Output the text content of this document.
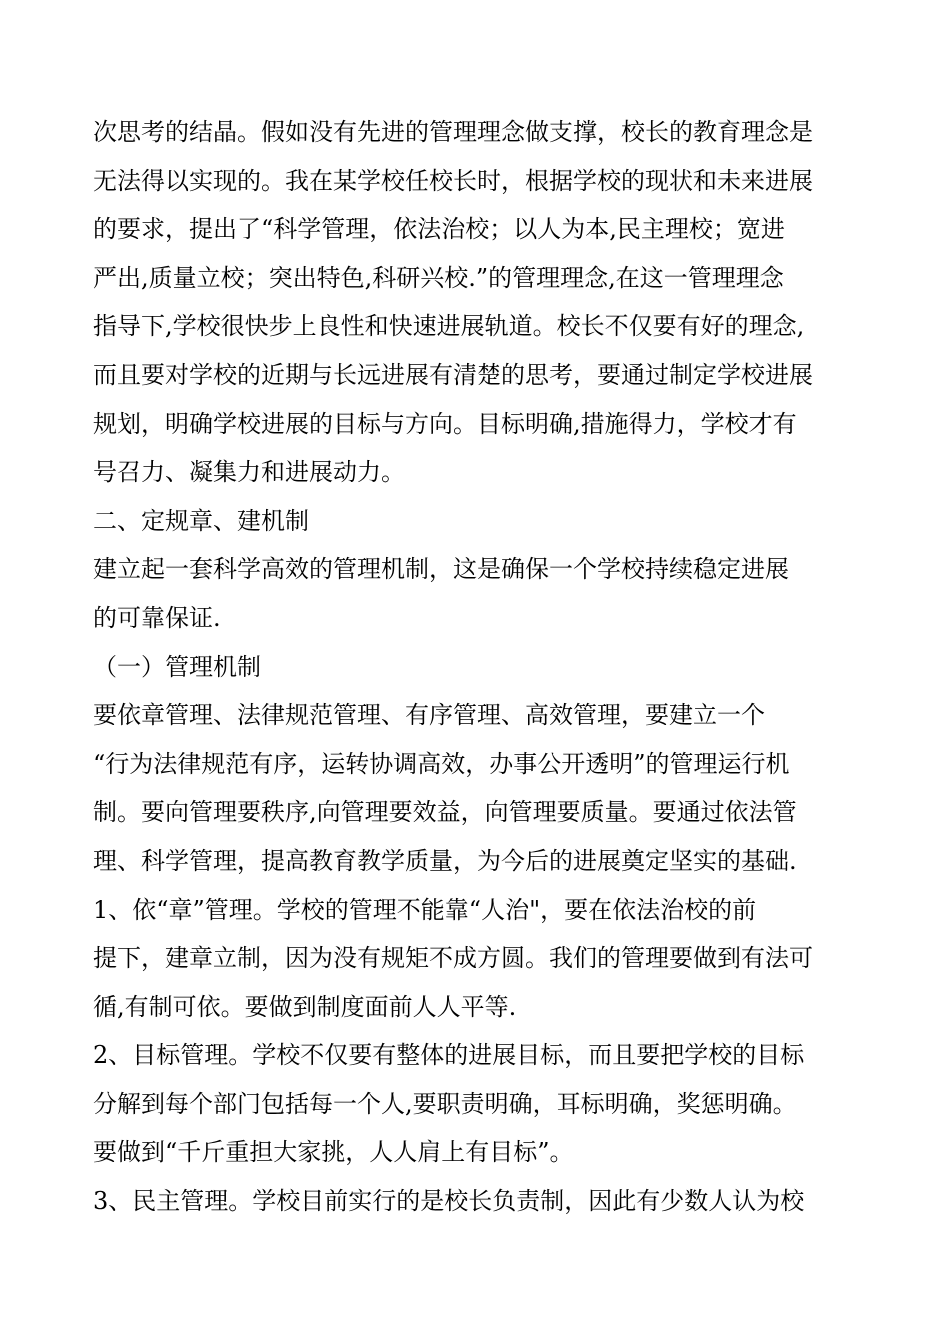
次思考的结晶。假如没有先进的管理理念做支撑，校长的教育理念是
无法得以实现的。我在某学校任校长时，根据学校的现状和未来进展
的要求，提出了“科学管理，依法治校；以人为本,民主理校；宽进
严出,质量立校；突出特色,科研兴校.”的管理理念,在这一管理理念
指导下,学校很快步上良性和快速进展轨道。校长不仅要有好的理念,
而且要对学校的近期与长远进展有清楚的思考，要通过制定学校进展
规划，明确学校进展的目标与方向。目标明确,措施得力，学校才有
号召力、凝集力和进展动力。
二、定规章、建机制
建立起一套科学高效的管理机制，这是确保一个学校持续稳定进展
的可靠保证.
（一）管理机制
要依章管理、法律规范管理、有序管理、高效管理，要建立一个
“行为法律规范有序，运转协调高效，办事公开透明”的管理运行机
制。要向管理要秩序,向管理要效益，向管理要质量。要通过依法管
理、科学管理，提高教育教学质量，为今后的进展奠定坚实的基础.
1、依“章”管理。学校的管理不能靠“人治"，要在依法治校的前
提下，建章立制，因为没有规矩不成方圆。我们的管理要做到有法可
循,有制可依。要做到制度面前人人平等.
2、目标管理。学校不仅要有整体的进展目标，而且要把学校的目标
分解到每个部门包括每一个人,要职责明确，耳标明确，奖惩明确。
要做到“千斤重担大家挑，人人肩上有目标”。
3、民主管理。学校目前实行的是校长负责制，因此有少数人认为校
